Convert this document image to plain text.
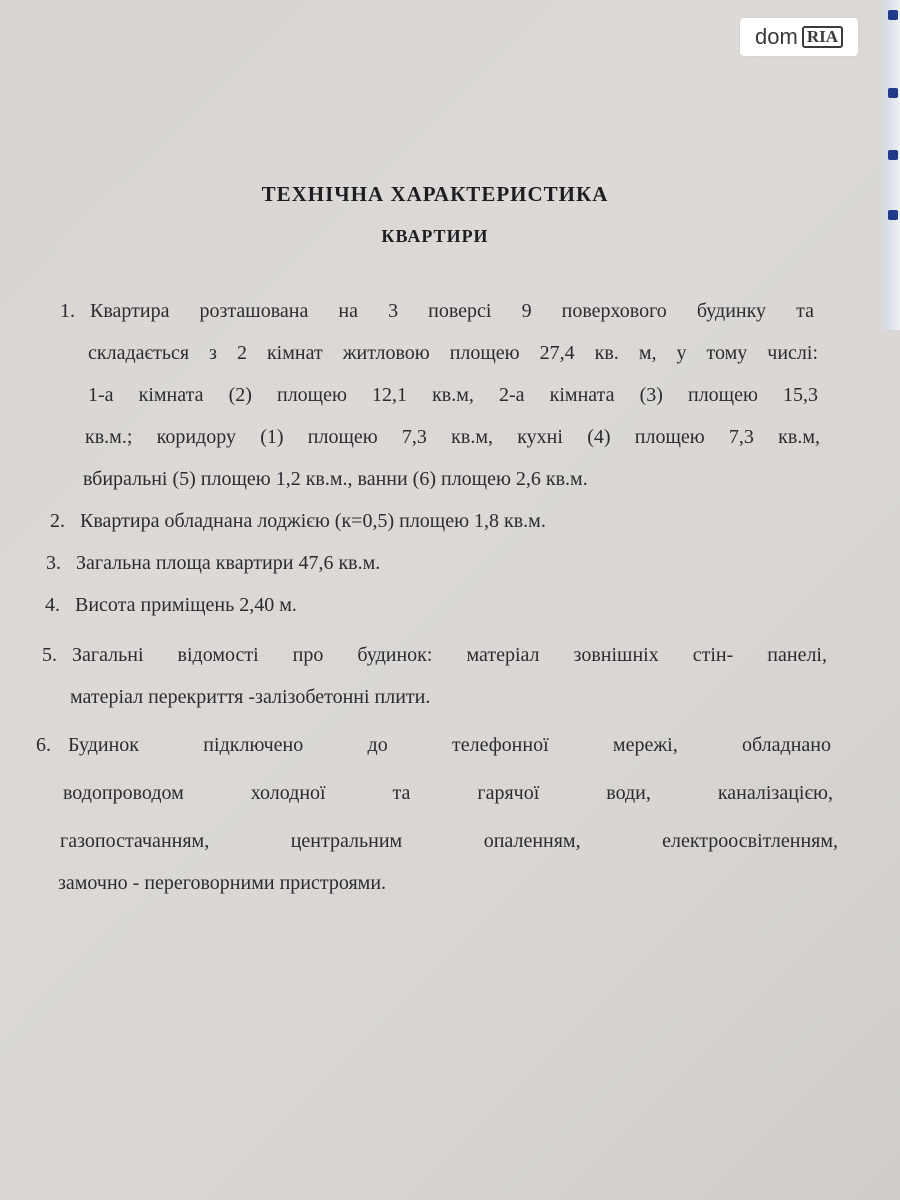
dom RIA
ТЕХНІЧНА ХАРАКТЕРИСТИКА
КВАРТИРИ
1. Квартира розташована на 3 поверсі 9 поверхового будинку та
складається з 2 кімнат житловою площею 27,4 кв. м, у тому числі:
1-а кімната (2) площею 12,1 кв.м, 2-а кімната (3) площею 15,3
кв.м.; коридору (1) площею 7,3 кв.м, кухні (4) площею 7,3 кв.м,
вбиральні (5) площею 1,2 кв.м., ванни (6) площею 2,6 кв.м.
2. Квартира обладнана лоджією (к=0,5) площею 1,8 кв.м.
3. Загальна площа квартири 47,6 кв.м.
4. Висота приміщень 2,40 м.
5. Загальні відомості про будинок: матеріал зовнішніх стін- панелі,
матеріал перекриття -залізобетонні плити.
6. Будинок підключено до телефонної мережі, обладнано
водопроводом холодної та гарячої води, каналізацією,
газопостачанням, центральним опаленням, електроосвітленням,
замочно - переговорними пристроями.
